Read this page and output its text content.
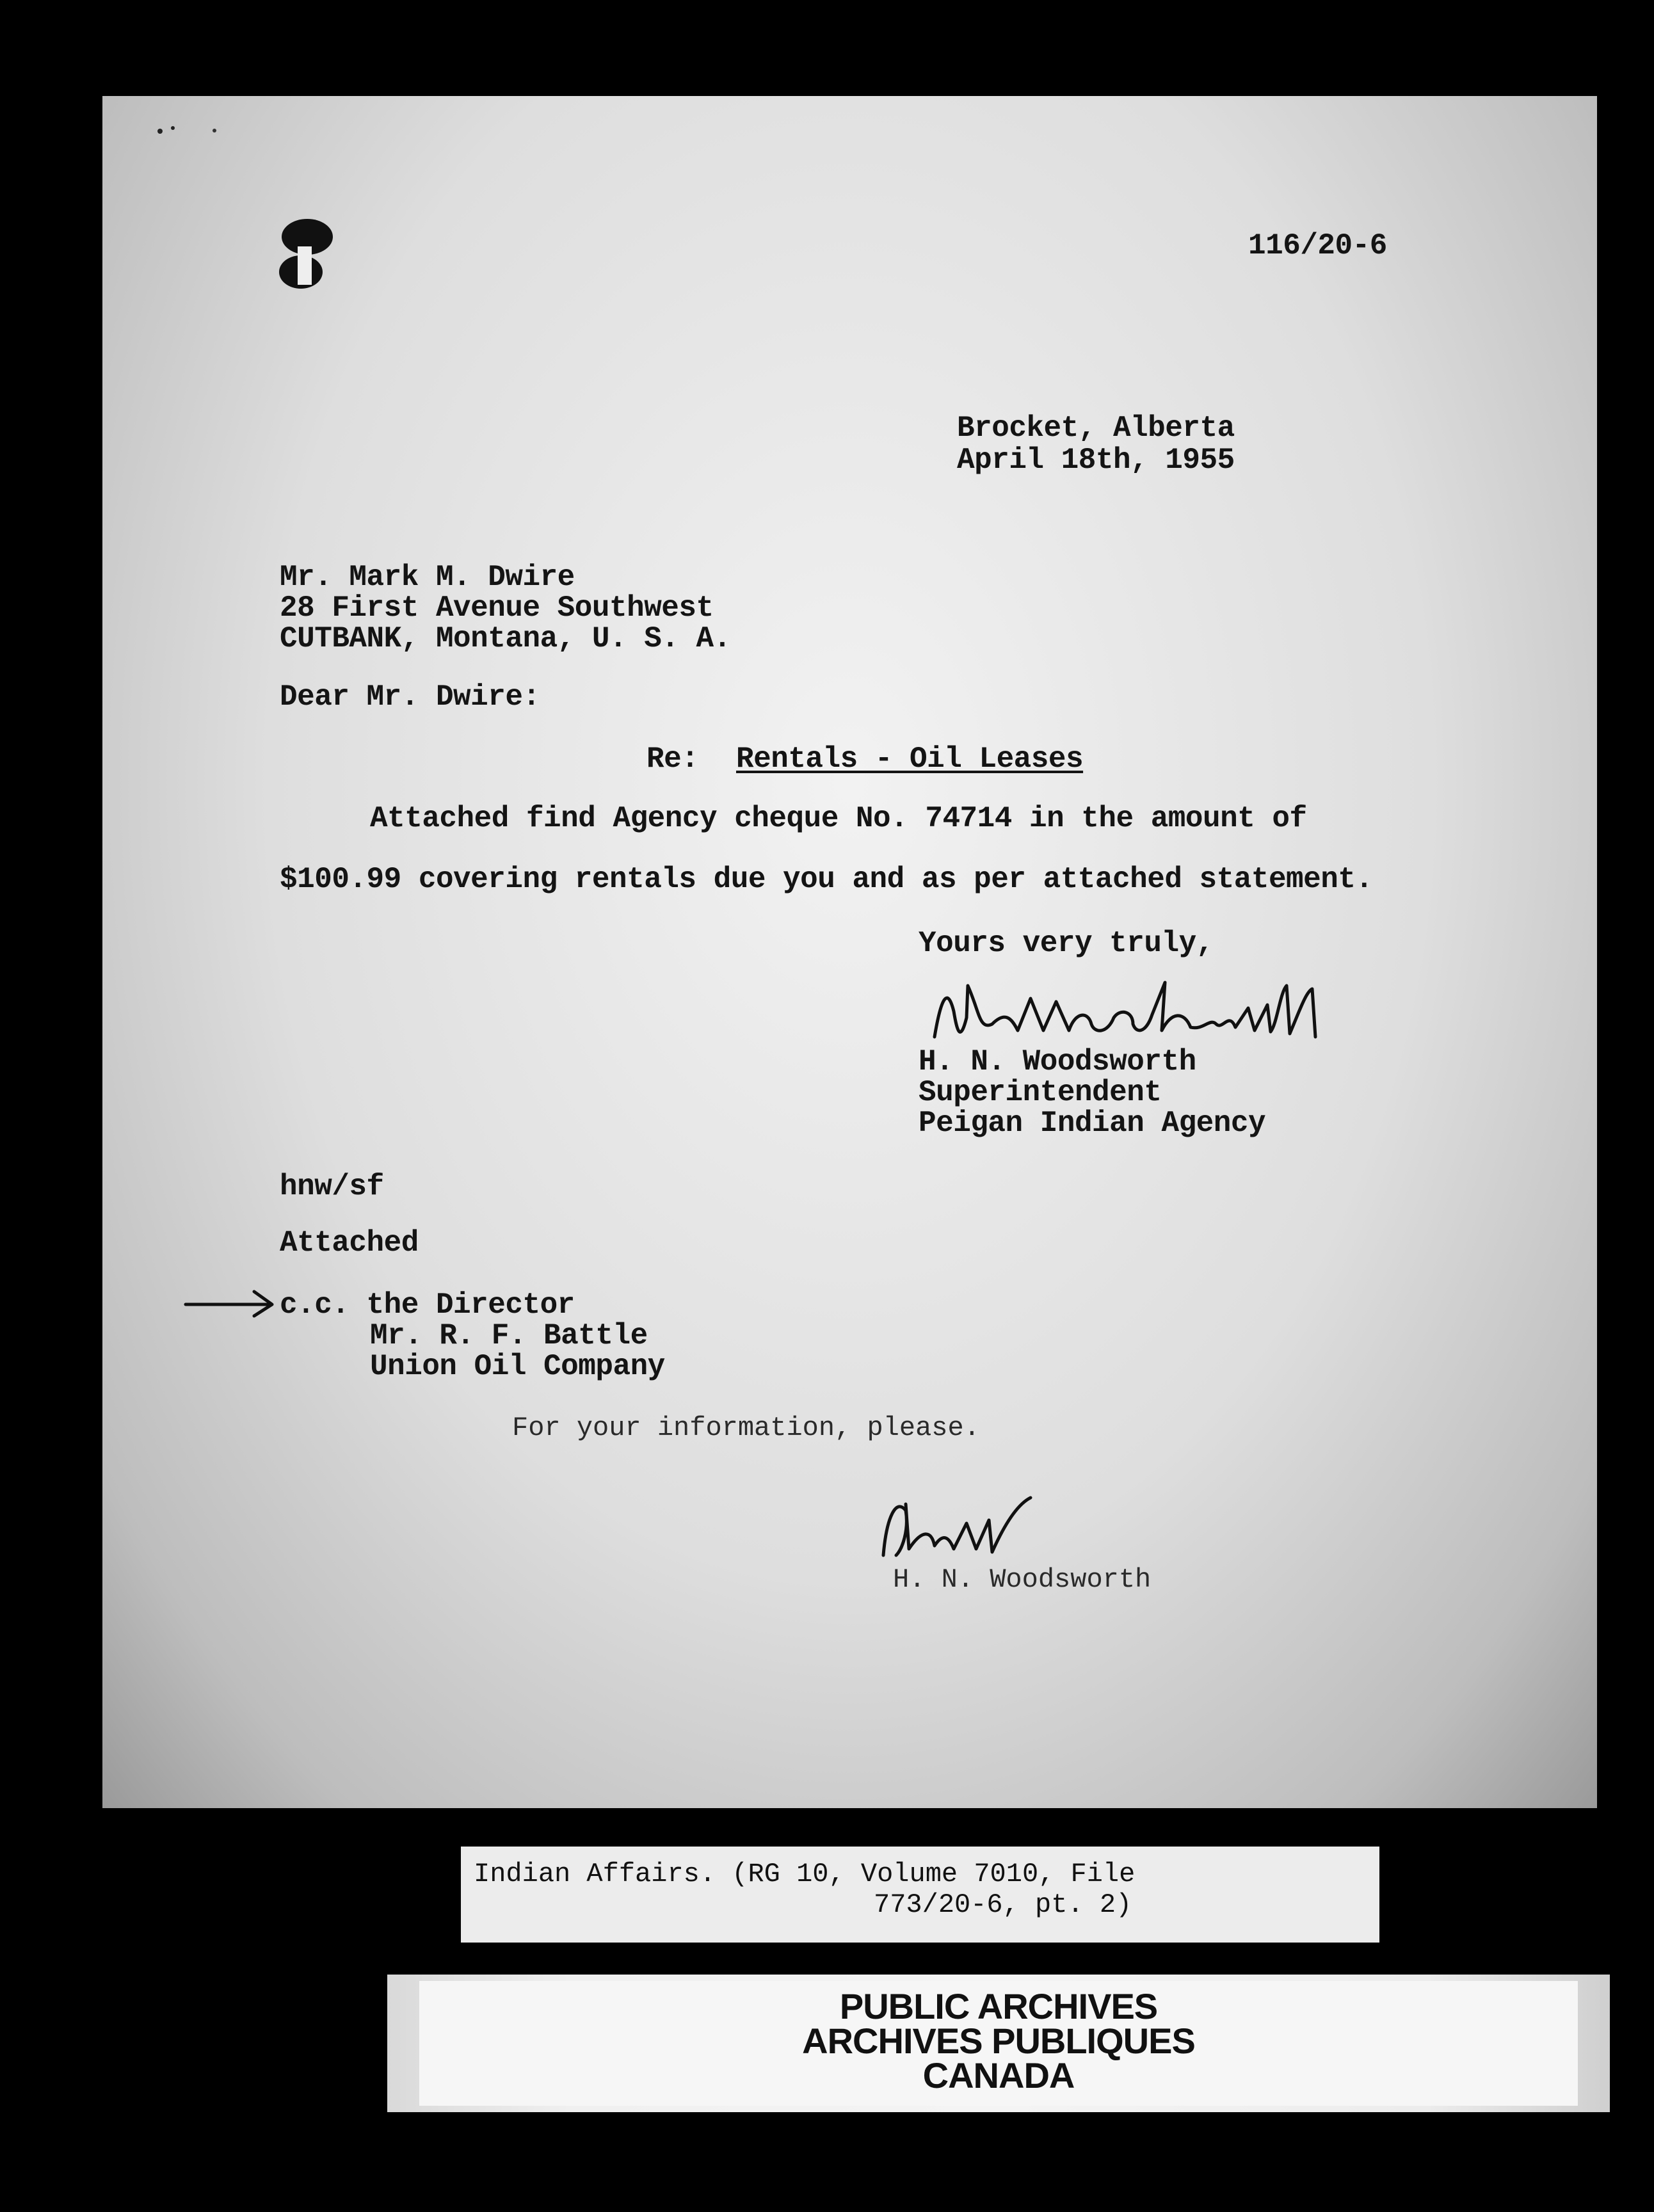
116/20-6
Brocket, Alberta
April 18th, 1955
Mr. Mark M. Dwire
28 First Avenue Southwest
CUTBANK, Montana, U. S. A.
Dear Mr. Dwire:
Re: Rentals - Oil Leases
Attached find Agency cheque No. 74714 in the amount of
$100.99 covering rentals due you and as per attached statement.
Yours very truly,
H. N. Woodsworth
Superintendent
Peigan Indian Agency
hnw/sf
Attached
c.c. the Director
Mr. R. F. Battle
Union Oil Company
For your information, please.
H. N. Woodsworth
Indian Affairs. (RG 10, Volume 7010, File
773/20-6, pt. 2)
PUBLIC ARCHIVES
ARCHIVES PUBLIQUES
CANADA
